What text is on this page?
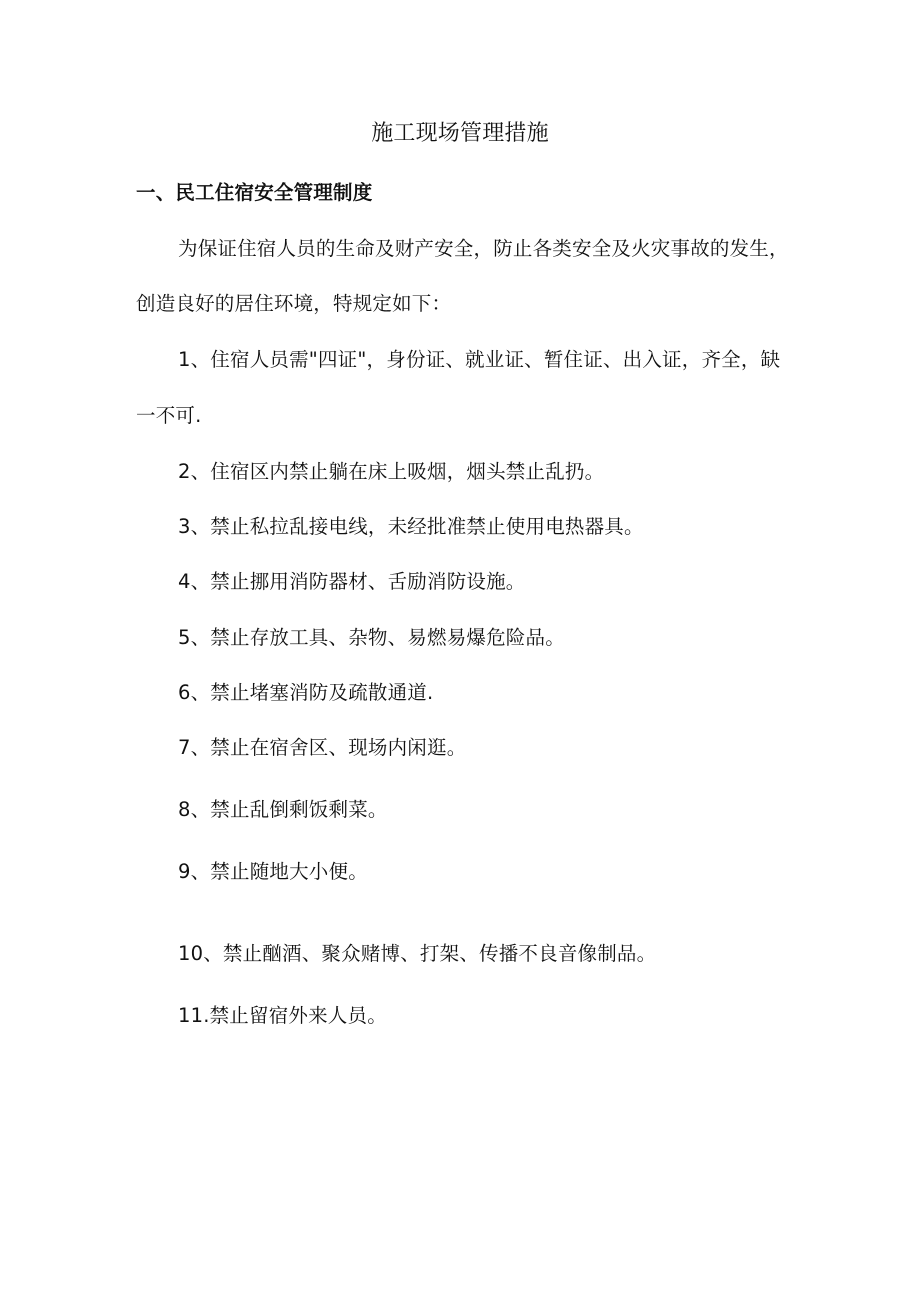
施工现场管理措施
一、民工住宿安全管理制度
为保证住宿人员的生命及财产安全，防止各类安全及火灾事故的发生，
创造良好的居住环境，特规定如下：
1、住宿人员需"四证"，身份证、就业证、暂住证、出入证，齐全，缺
一不可.
2、住宿区内禁止躺在床上吸烟，烟头禁止乱扔。
3、禁止私拉乱接电线，未经批准禁止使用电热器具。
4、禁止挪用消防器材、舌励消防设施。
5、禁止存放工具、杂物、易燃易爆危险品。
6、禁止堵塞消防及疏散通道.
7、禁止在宿舍区、现场内闲逛。
8、禁止乱倒剩饭剩菜。
9、禁止随地大小便。
10、禁止酗酒、聚众赌博、打架、传播不良音像制品。
11.禁止留宿外来人员。
